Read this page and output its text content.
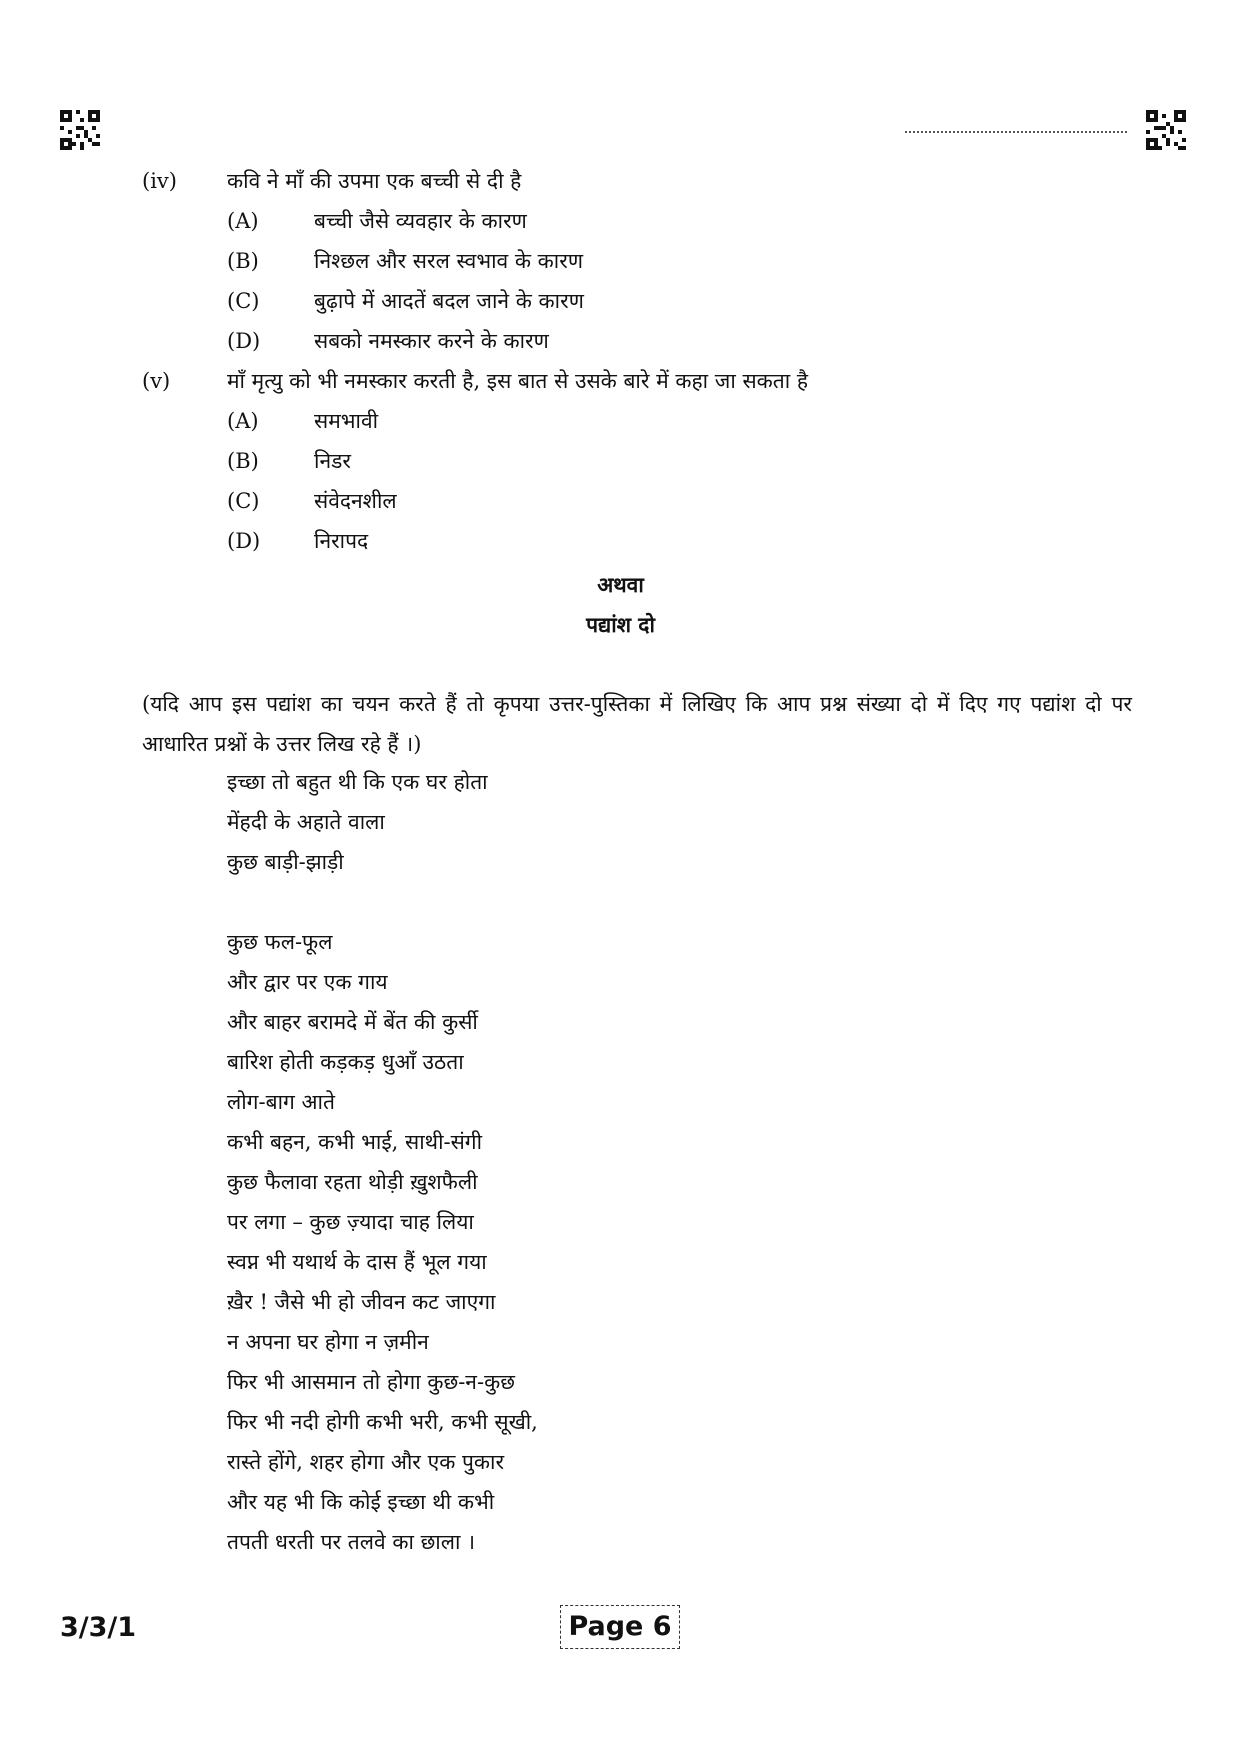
(iv) कवि ने माँ की उपमा एक बच्ची से दी है
(A)	बच्ची जैसे व्यवहार के कारण
(B)	निश्छल और सरल स्वभाव के कारण
(C)	बुढ़ापे में आदतें बदल जाने के कारण
(D)	सबको नमस्कार करने के कारण
(v)	माँ मृत्यु को भी नमस्कार करती है, इस बात से उसके बारे में कहा जा सकता है
(A)	समभावी
(B)	निडर
(C)	संवेदनशील
(D)	निरापद
अथवा
पद्यांश दो
(यदि आप इस पद्यांश का चयन करते हैं तो कृपया उत्तर-पुस्तिका में लिखिए कि आप प्रश्न संख्या दो में दिए गए पद्यांश दो पर आधारित प्रश्नों के उत्तर लिख रहे हैं ।)
इच्छा तो बहुत थी कि एक घर होता
मेंहदी के अहाते वाला
कुछ बाड़ी-झाड़ी
कुछ फल-फूल
और द्वार पर एक गाय
और बाहर बरामदे में बेंत की कुर्सी
बारिश होती कड़कड़ धुआँ उठता
लोग-बाग आते
कभी बहन, कभी भाई, साथी-संगी
कुछ फैलावा रहता थोड़ी ख़ुशफैली
पर लगा – कुछ ज़्यादा चाह लिया
स्वप्न भी यथार्थ के दास हैं भूल गया
ख़ैर ! जैसे भी हो जीवन कट जाएगा
न अपना घर होगा न ज़मीन
फिर भी आसमान तो होगा कुछ-न-कुछ
फिर भी नदी होगी कभी भरी, कभी सूखी,
रास्ते होंगे, शहर होगा और एक पुकार
और यह भी कि कोई इच्छा थी कभी
तपती धरती पर तलवे का छाला ।
3/3/1	Page 6
